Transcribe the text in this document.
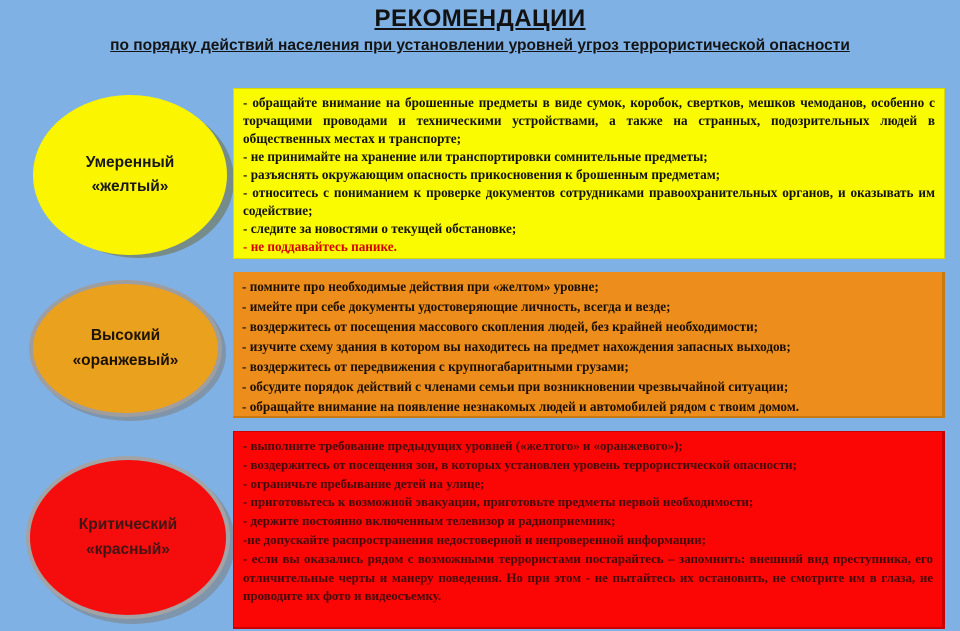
РЕКОМЕНДАЦИИ
по порядку действий населения при установлении уровней угроз террористической опасности
Умеренный
«желтый»

- обращайте внимание на брошенные предметы в виде сумок, коробок, свертков, мешков чемоданов, особенно с торчащими проводами и техническими устройствами, а также на странных, подозрительных людей в общественных местах и транспорте;

- не принимайте на хранение или транспортировки сомнительные предметы;

- разъяснять окружающим опасность прикосновения к брошенным предметам;

- относитесь с пониманием к проверке документов сотрудниками правоохранительных органов, и оказывать им содействие;

- следите за новостями о текущей обстановке;

- не поддавайтесь панике.

Высокий
«оранжевый»

- помните про необходимые действия при «желтом» уровне;

- имейте при себе документы удостоверяющие личность, всегда и везде;

- воздержитесь от посещения массового скопления людей, без крайней необходимости;

- изучите схему здания в котором вы находитесь на предмет нахождения запасных выходов;

- воздержитесь от передвижения с крупногабаритными грузами;

- обсудите порядок действий с членами семьи при возникновении чрезвычайной ситуации;

- обращайте внимание на появление незнакомых людей и автомобилей рядом с твоим домом.

Критический
«красный»

- выполните требование предыдущих уровней («желтого» и «оранжевого»);

- воздержитесь от посещения зон, в которых установлен уровень террористической опасности;

- ограничьте пребывание детей на улице;

- приготовьтесь к возможной эвакуации, приготовьте предметы первой необходимости;

- держите постоянно включенным телевизор и радиоприемник;

-не допускайте распространения недостоверной и непроверенной информации;

- если вы оказались рядом с возможными террористами постарайтесь – запомнить: внешний вид преступника, его отличительные черты и манеру поведения. Но при этом - не пытайтесь их остановить, не смотрите им в глаза, не проводите их фото и видеосъемку.
